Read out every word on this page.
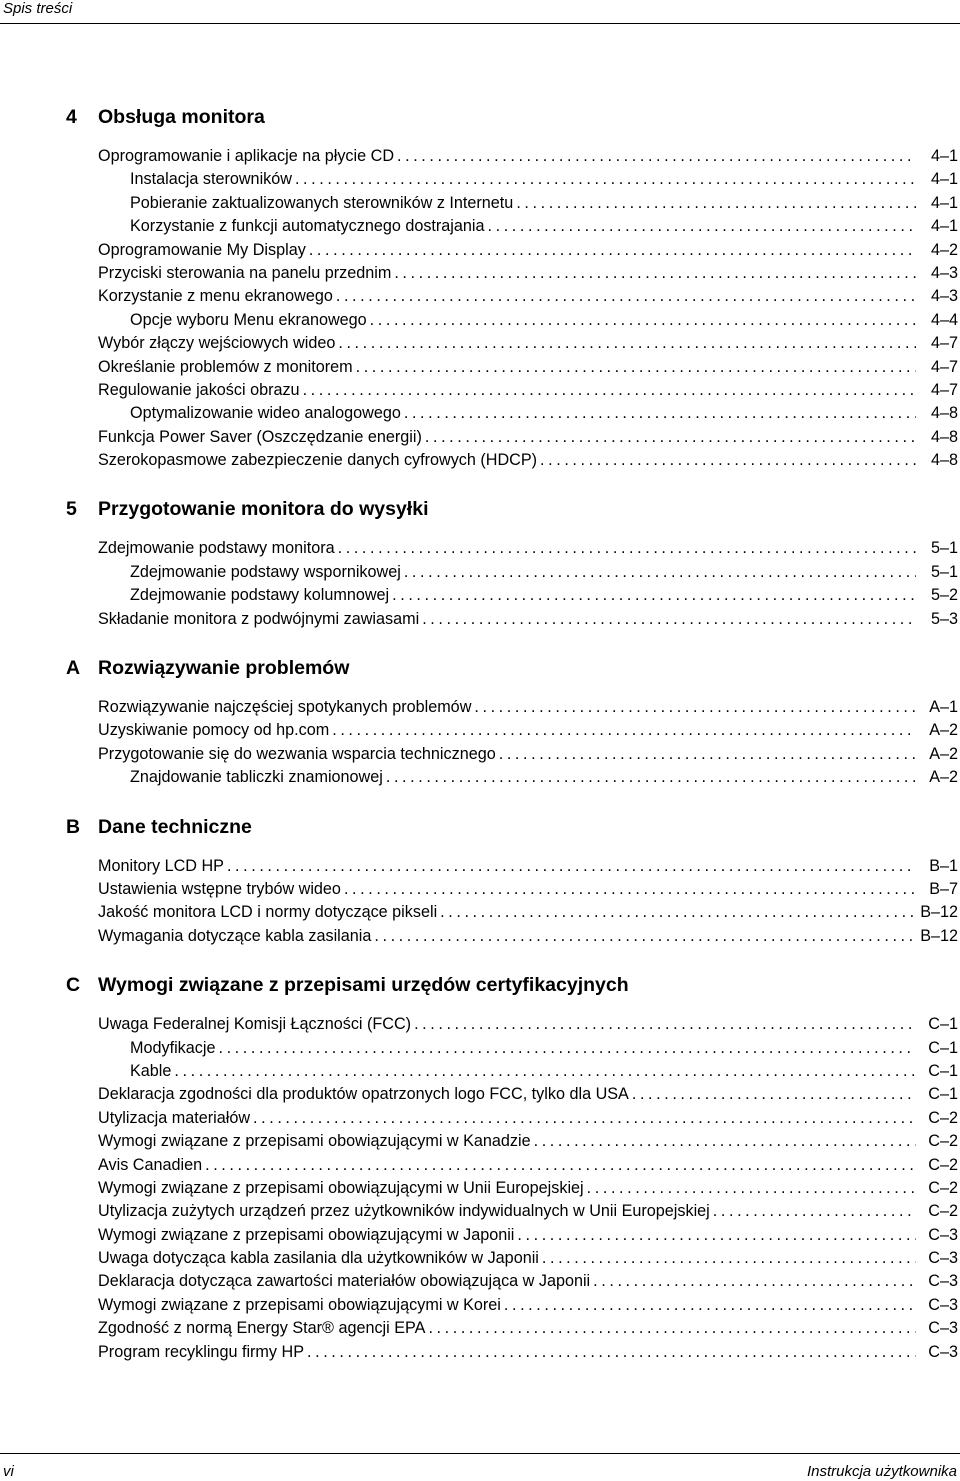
Spis treści
4	Obsługa monitora
Oprogramowanie i aplikacje na płycie CD . . .	4–1
Instalacja sterowników . . .	4–1
Pobieranie zaktualizowanych sterowników z Internetu . . .	4–1
Korzystanie z funkcji automatycznego dostrajania . . .	4–1
Oprogramowanie My Display . . .	4–2
Przyciski sterowania na panelu przednim . . .	4–3
Korzystanie z menu ekranowego . . .	4–3
Opcje wyboru Menu ekranowego . . .	4–4
Wybór złączy wejściowych wideo . . .	4–7
Określanie problemów z monitorem . . .	4–7
Regulowanie jakości obrazu . . .	4–7
Optymalizowanie wideo analogowego . . .	4–8
Funkcja Power Saver (Oszczędzanie energii) . . .	4–8
Szerokopasmowe zabezpieczenie danych cyfrowych (HDCP) . . .	4–8
5	Przygotowanie monitora do wysyłki
Zdejmowanie podstawy monitora . . .	5–1
Zdejmowanie podstawy wspornikowej . . .	5–1
Zdejmowanie podstawy kolumnowej . . .	5–2
Składanie monitora z podwójnymi zawiasami . . .	5–3
A Rozwiązywanie problemów
Rozwiązywanie najczęściej spotykanych problemów . . .	A–1
Uzyskiwanie pomocy od hp.com . . .	A–2
Przygotowanie się do wezwania wsparcia technicznego . . .	A–2
Znajdowanie tabliczki znamionowej . . .	A–2
B Dane techniczne
Monitory LCD HP . . .	B–1
Ustawienia wstępne trybów wideo . . .	B–7
Jakość monitora LCD i normy dotyczące pikseli . . .	B–12
Wymagania dotyczące kabla zasilania . . .	B–12
C Wymogi związane z przepisami urzędów certyfikacyjnych
Uwaga Federalnej Komisji Łączności (FCC) . . .	C–1
Modyfikacje . . .	C–1
Kable . . .	C–1
Deklaracja zgodności dla produktów opatrzonych logo FCC, tylko dla USA . . .	C–1
Utylizacja materiałów . . .	C–2
Wymogi związane z przepisami obowiązującymi w Kanadzie . . .	C–2
Avis Canadien . . .	C–2
Wymogi związane z przepisami obowiązującymi w Unii Europejskiej . . .	C–2
Utylizacja zużytych urządzeń przez użytkowników indywidualnych w Unii Europejskiej . . .	C–2
Wymogi związane z przepisami obowiązującymi w Japonii . . .	C–3
Uwaga dotycząca kabla zasilania dla użytkowników w Japonii . . .	C–3
Deklaracja dotycząca zawartości materiałów obowiązująca w Japonii . . .	C–3
Wymogi związane z przepisami obowiązującymi w Korei . . .	C–3
Zgodność z normą Energy Star® agencji EPA . . .	C–3
Program recyklingu firmy HP . . .	C–3
vi	Instrukcja użytkownika
